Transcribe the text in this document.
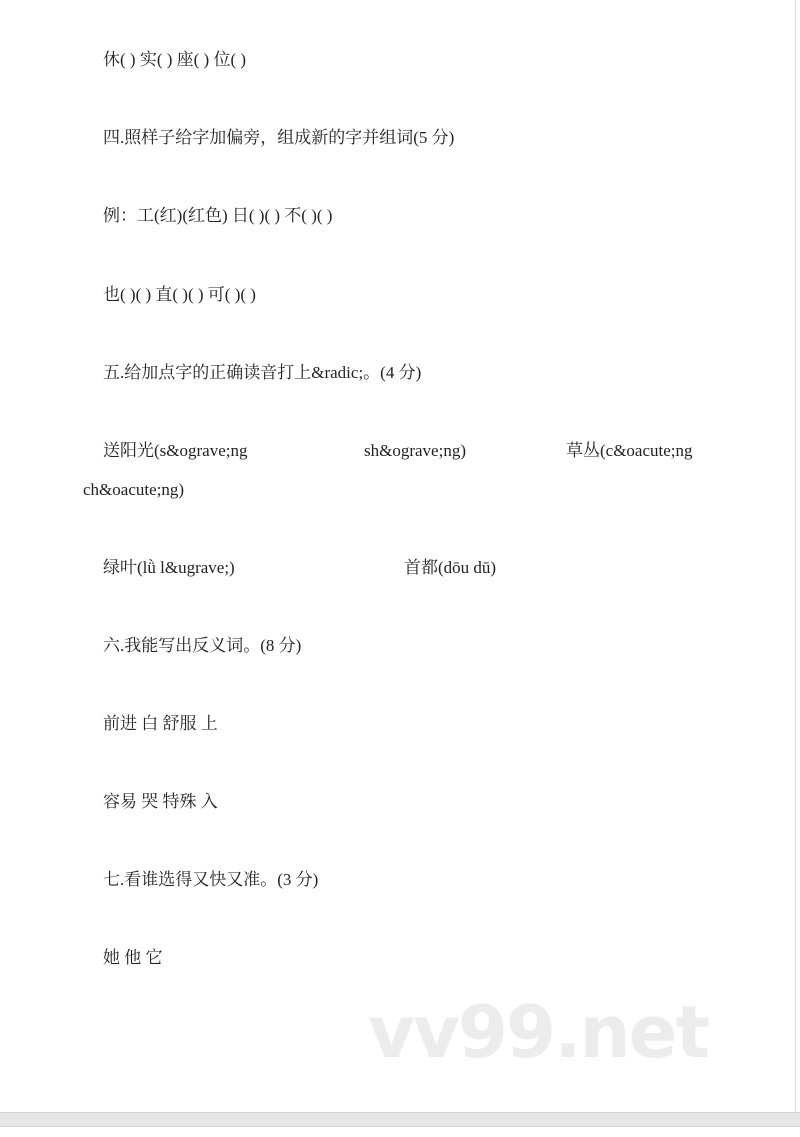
休( ) 实( ) 座( ) 位( )
四.照样子给字加偏旁，组成新的字并组词(5 分)
例：工(红)(红色) 日( )( ) 不( )( )
也( )( ) 直( )( ) 可( )( )
五.给加点字的正确读音打上&radic;。(4 分)
送阳光(s&ograve;ng	sh&ograve;ng)	草丛(c&oacute;ng
ch&oacute;ng)
绿叶(lǜ l&ugrave;)	首都(dōu dū)
六.我能写出反义词。(8 分)
前进 白 舒服 上
容易 哭 特殊 入
七.看谁选得又快又准。(3 分)
她 他 它
vv99.net
